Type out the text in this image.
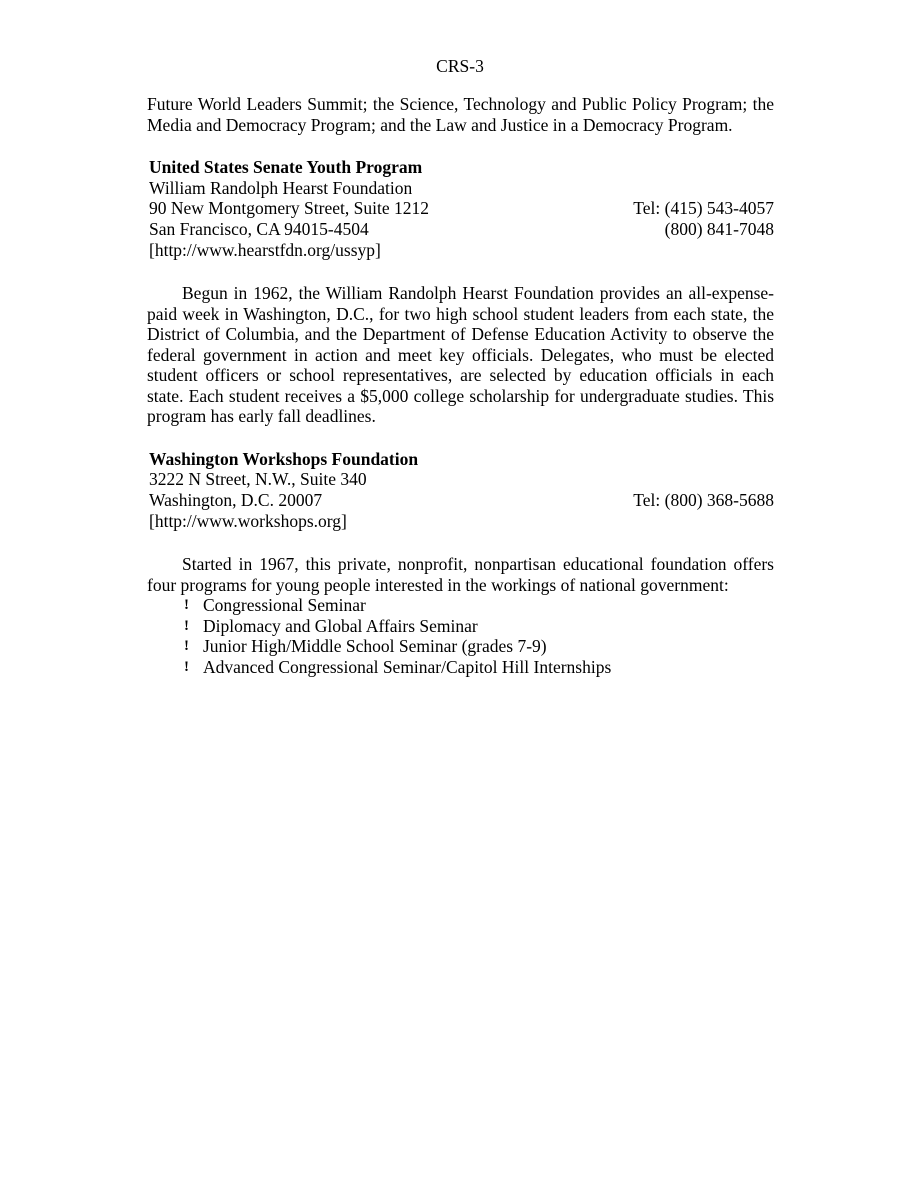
CRS-3

Future World Leaders Summit; the Science, Technology and Public Policy Program; the Media and Democracy Program; and the Law and Justice in a Democracy Program.

United States Senate Youth Program
William Randolph Hearst Foundation
90 New Montgomery Street, Suite 1212	Tel: (415) 543-4057
San Francisco, CA 94015-4504	(800) 841-7048
[http://www.hearstfdn.org/ussyp]

Begun in 1962, the William Randolph Hearst Foundation provides an all-expense-paid week in Washington, D.C., for two high school student leaders from each state, the District of Columbia, and the Department of Defense Education Activity to observe the federal government in action and meet key officials. Delegates, who must be elected student officers or school representatives, are selected by education officials in each state. Each student receives a $5,000 college scholarship for undergraduate studies. This program has early fall deadlines.

Washington Workshops Foundation
3222 N Street, N.W., Suite 340
Washington, D.C. 20007	Tel: (800) 368-5688
[http://www.workshops.org]

Started in 1967, this private, nonprofit, nonpartisan educational foundation offers four programs for young people interested in the workings of national government:

! Congressional Seminar
! Diplomacy and Global Affairs Seminar
! Junior High/Middle School Seminar (grades 7-9)
! Advanced Congressional Seminar/Capitol Hill Internships
